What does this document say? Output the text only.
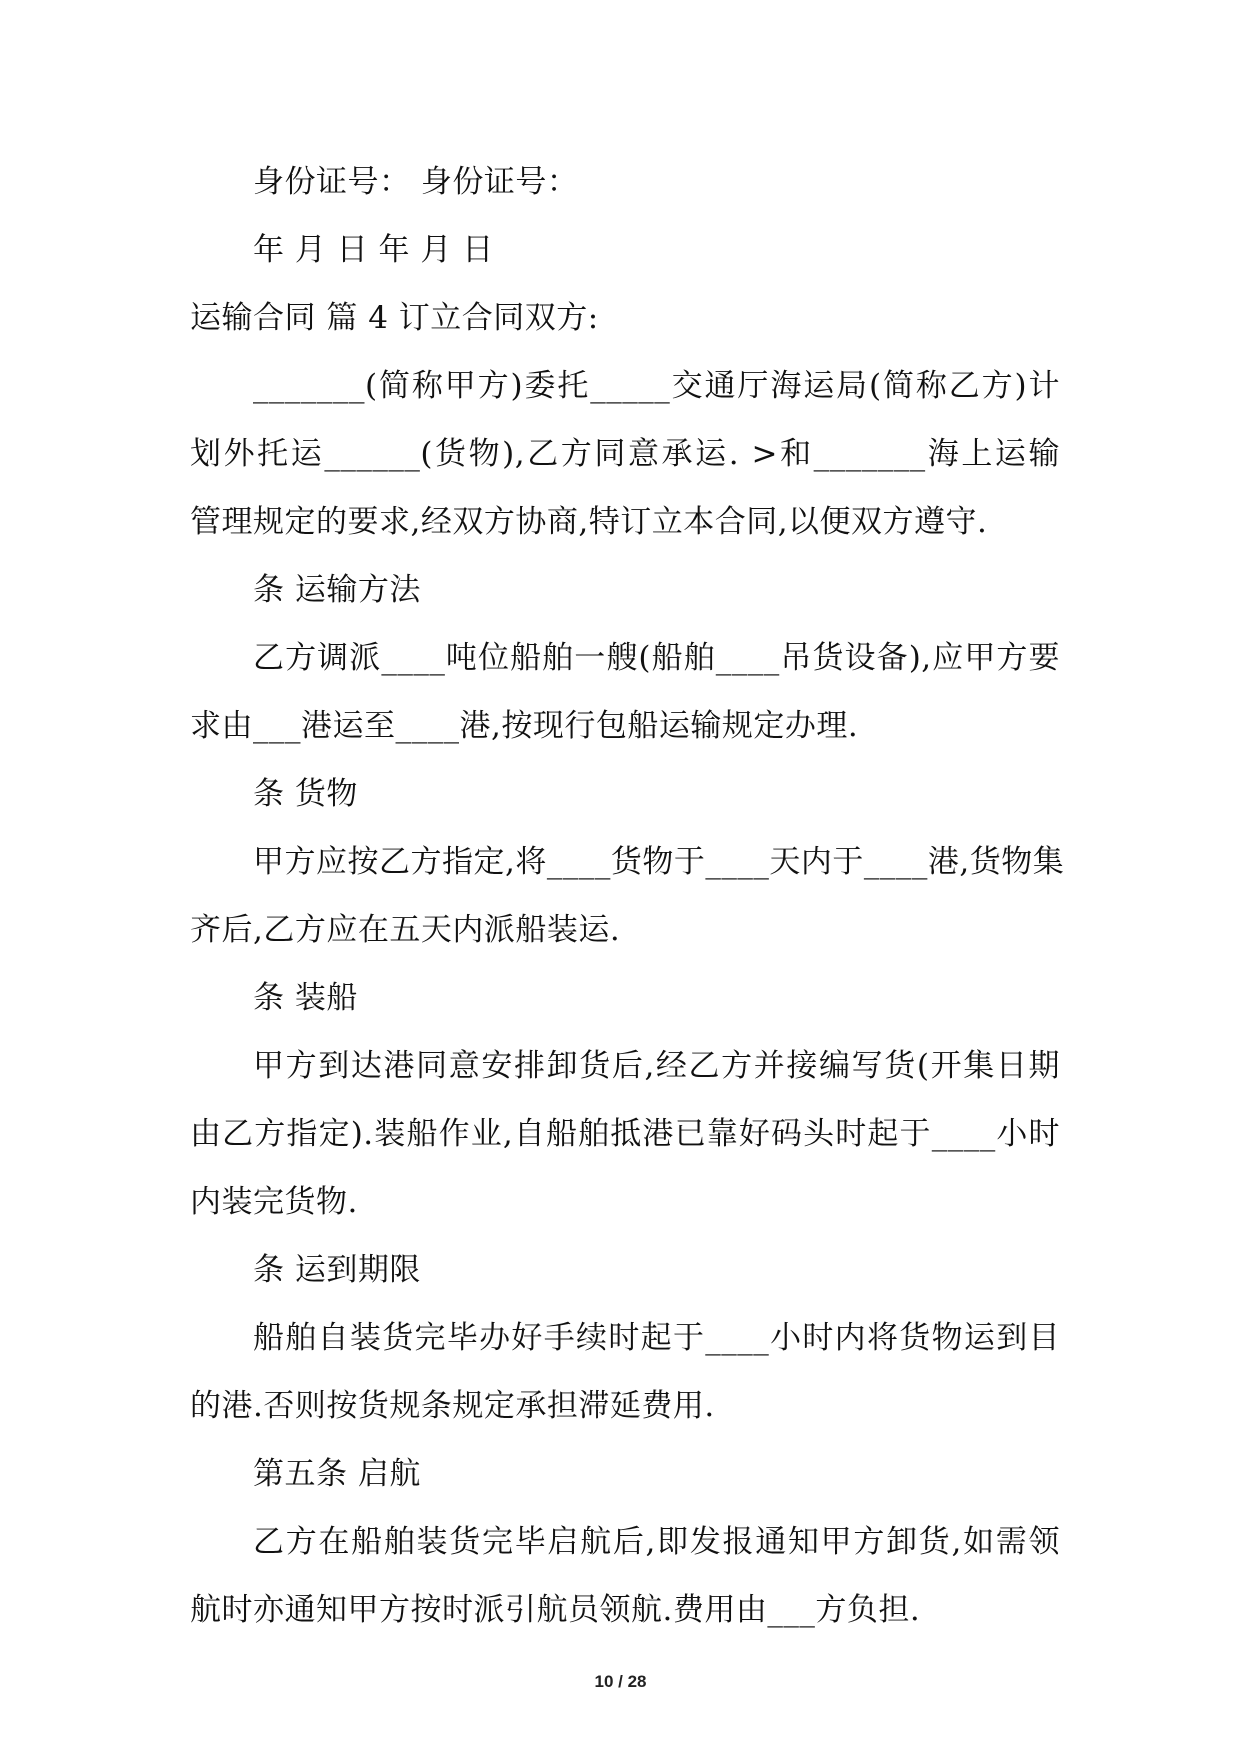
身份证号： 身份证号：
年 月 日 年 月 日
运输合同 篇 4 订立合同双方:
_______(简称甲方)委托_____交通厅海运局(简称乙方)计
划外托运______(货物),乙方同意承运. >和_______海上运输
管理规定的要求,经双方协商,特订立本合同,以便双方遵守.
条 运输方法
乙方调派____吨位船舶一艘(船舶____吊货设备),应甲方要
求由___港运至____港,按现行包船运输规定办理.
条 货物
甲方应按乙方指定,将____货物于____天内于____港,货物集
齐后,乙方应在五天内派船装运.
条 装船
甲方到达港同意安排卸货后,经乙方并接编写货(开集日期
由乙方指定).装船作业,自船舶抵港已靠好码头时起于____小时
内装完货物.
条 运到期限
船舶自装货完毕办好手续时起于____小时内将货物运到目
的港.否则按货规条规定承担滞延费用.
第五条 启航
乙方在船舶装货完毕启航后,即发报通知甲方卸货,如需领
航时亦通知甲方按时派引航员领航.费用由___方负担.
10 / 28
